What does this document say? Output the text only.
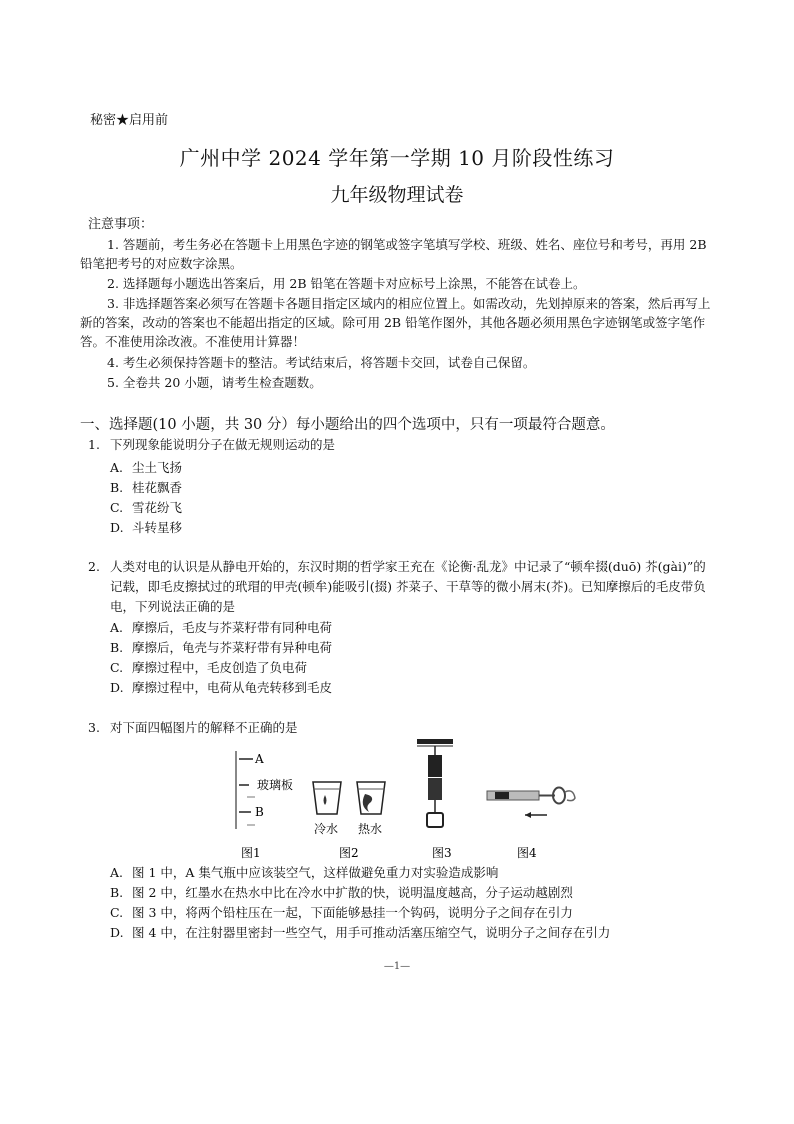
秘密★启用前
广州中学 2024 学年第一学期 10 月阶段性练习
九年级物理试卷
注意事项：
1. 答题前，考生务必在答题卡上用黑色字迹的钢笔或签字笔填写学校、班级、姓名、座位号和考号，再用 2B 铅笔把考号的对应数字涂黑。
2. 选择题每小题选出答案后，用 2B 铅笔在答题卡对应标号上涂黑，不能答在试卷上。
3. 非选择题答案必须写在答题卡各题目指定区域内的相应位置上。如需改动，先划掉原来的答案，然后再写上新的答案，改动的答案也不能超出指定的区域。除可用 2B 铅笔作图外，其他各题必须用黑色字迹钢笔或签字笔作答。不准使用涂改液。不准使用计算器！
4. 考生必须保持答题卡的整洁。考试结束后，将答题卡交回，试卷自己保留。
5. 全卷共 20 小题，请考生检查题数。
一、选择题(10 小题，共 30 分）每小题给出的四个选项中，只有一项最符合题意。
1. 下列现象能说明分子在做无规则运动的是
A. 尘土飞扬
B. 桂花飘香
C. 雪花纷飞
D. 斗转星移
2. 人类对电的认识是从静电开始的，东汉时期的哲学家王充在《论衡·乱龙》中记录了“顿牟掇(duō) 芥(gài)”的记载，即毛皮擦拭过的玳瑁的甲壳(顿牟)能吸引(掇) 芥菜子、干草等的微小屑末(芥)。已知摩擦后的毛皮带负电，下列说法正确的是
A. 摩擦后，毛皮与芥菜籽带有同种电荷
B. 摩擦后，龟壳与芥菜籽带有异种电荷
C. 摩擦过程中，毛皮创造了负电荷
D. 摩擦过程中，电荷从龟壳转移到毛皮
3. 对下面四幅图片的解释不正确的是
A
玻璃板
B
冷水 热水
图1	图2	图3	图4
A. 图 1 中，A 集气瓶中应该装空气，这样做避免重力对实验造成影响
B. 图 2 中，红墨水在热水中比在冷水中扩散的快，说明温度越高，分子运动越剧烈
C. 图 3 中，将两个铅柱压在一起，下面能够悬挂一个钩码，说明分子之间存在引力
D. 图 4 中，在注射器里密封一些空气，用手可推动活塞压缩空气，说明分子之间存在引力
—1—
